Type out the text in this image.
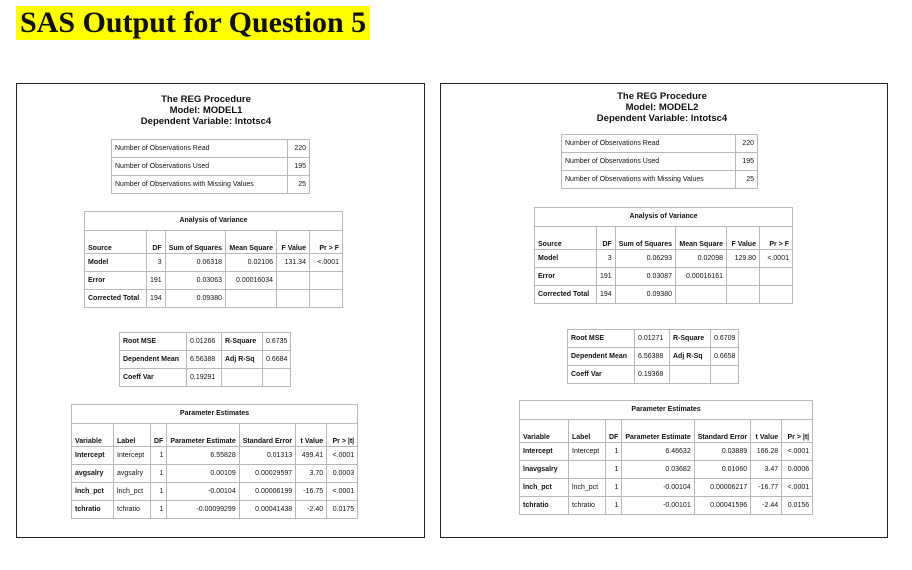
SAS Output for Question 5
The REG Procedure
Model: MODEL1
Dependent Variable: lntotsc4
Number of Observations Read	220
Number of Observations Used	195
Number of Observations with Missing Values	25
Analysis of Variance					
Source	DF	Sum of Squares	Mean Square	F Value	Pr > F
Model	3	0.06318	0.02106	131.34	<.0001
Error	191	0.03063	0.00016034		
Corrected Total	194	0.09380			
Root MSE	0.01266	R-Square	0.6735
Dependent Mean	6.56388	Adj R-Sq	0.6684
Coeff Var	0.19291		
Parameter Estimates						
Variable	Label	DF	Parameter Estimate	Standard Error	t Value	Pr > |t|
Intercept	Intercept	1	6.55828	0.01313	499.41	<.0001
avgsalry	avgsalry	1	0.00109	0.00029597	3.70	0.0003
lnch_pct	lnch_pct	1	-0.00104	0.00006199	-16.75	<.0001
tchratio	tchratio	1	-0.00099299	0.00041438	-2.40	0.0175
The REG Procedure
Model: MODEL2
Dependent Variable: lntotsc4
Number of Observations Read	220
Number of Observations Used	195
Number of Observations with Missing Values	25
Analysis of Variance					
Source	DF	Sum of Squares	Mean Square	F Value	Pr > F
Model	3	0.06293	0.02098	129.80	<.0001
Error	191	0.03087	0.00016161		
Corrected Total	194	0.09380			
Root MSE	0.01271	R-Square	0.6709
Dependent Mean	6.56388	Adj R-Sq	0.6658
Coeff Var	0.19368		
Parameter Estimates						
Variable	Label	DF	Parameter Estimate	Standard Error	t Value	Pr > |t|
Intercept	Intercept	1	6.46632	0.03889	166.28	<.0001
lnavgsalry		1	0.03682	0.01060	3.47	0.0006
lnch_pct	lnch_pct	1	-0.00104	0.00006217	-16.77	<.0001
tchratio	tchratio	1	-0.00101	0.00041596	-2.44	0.0156
